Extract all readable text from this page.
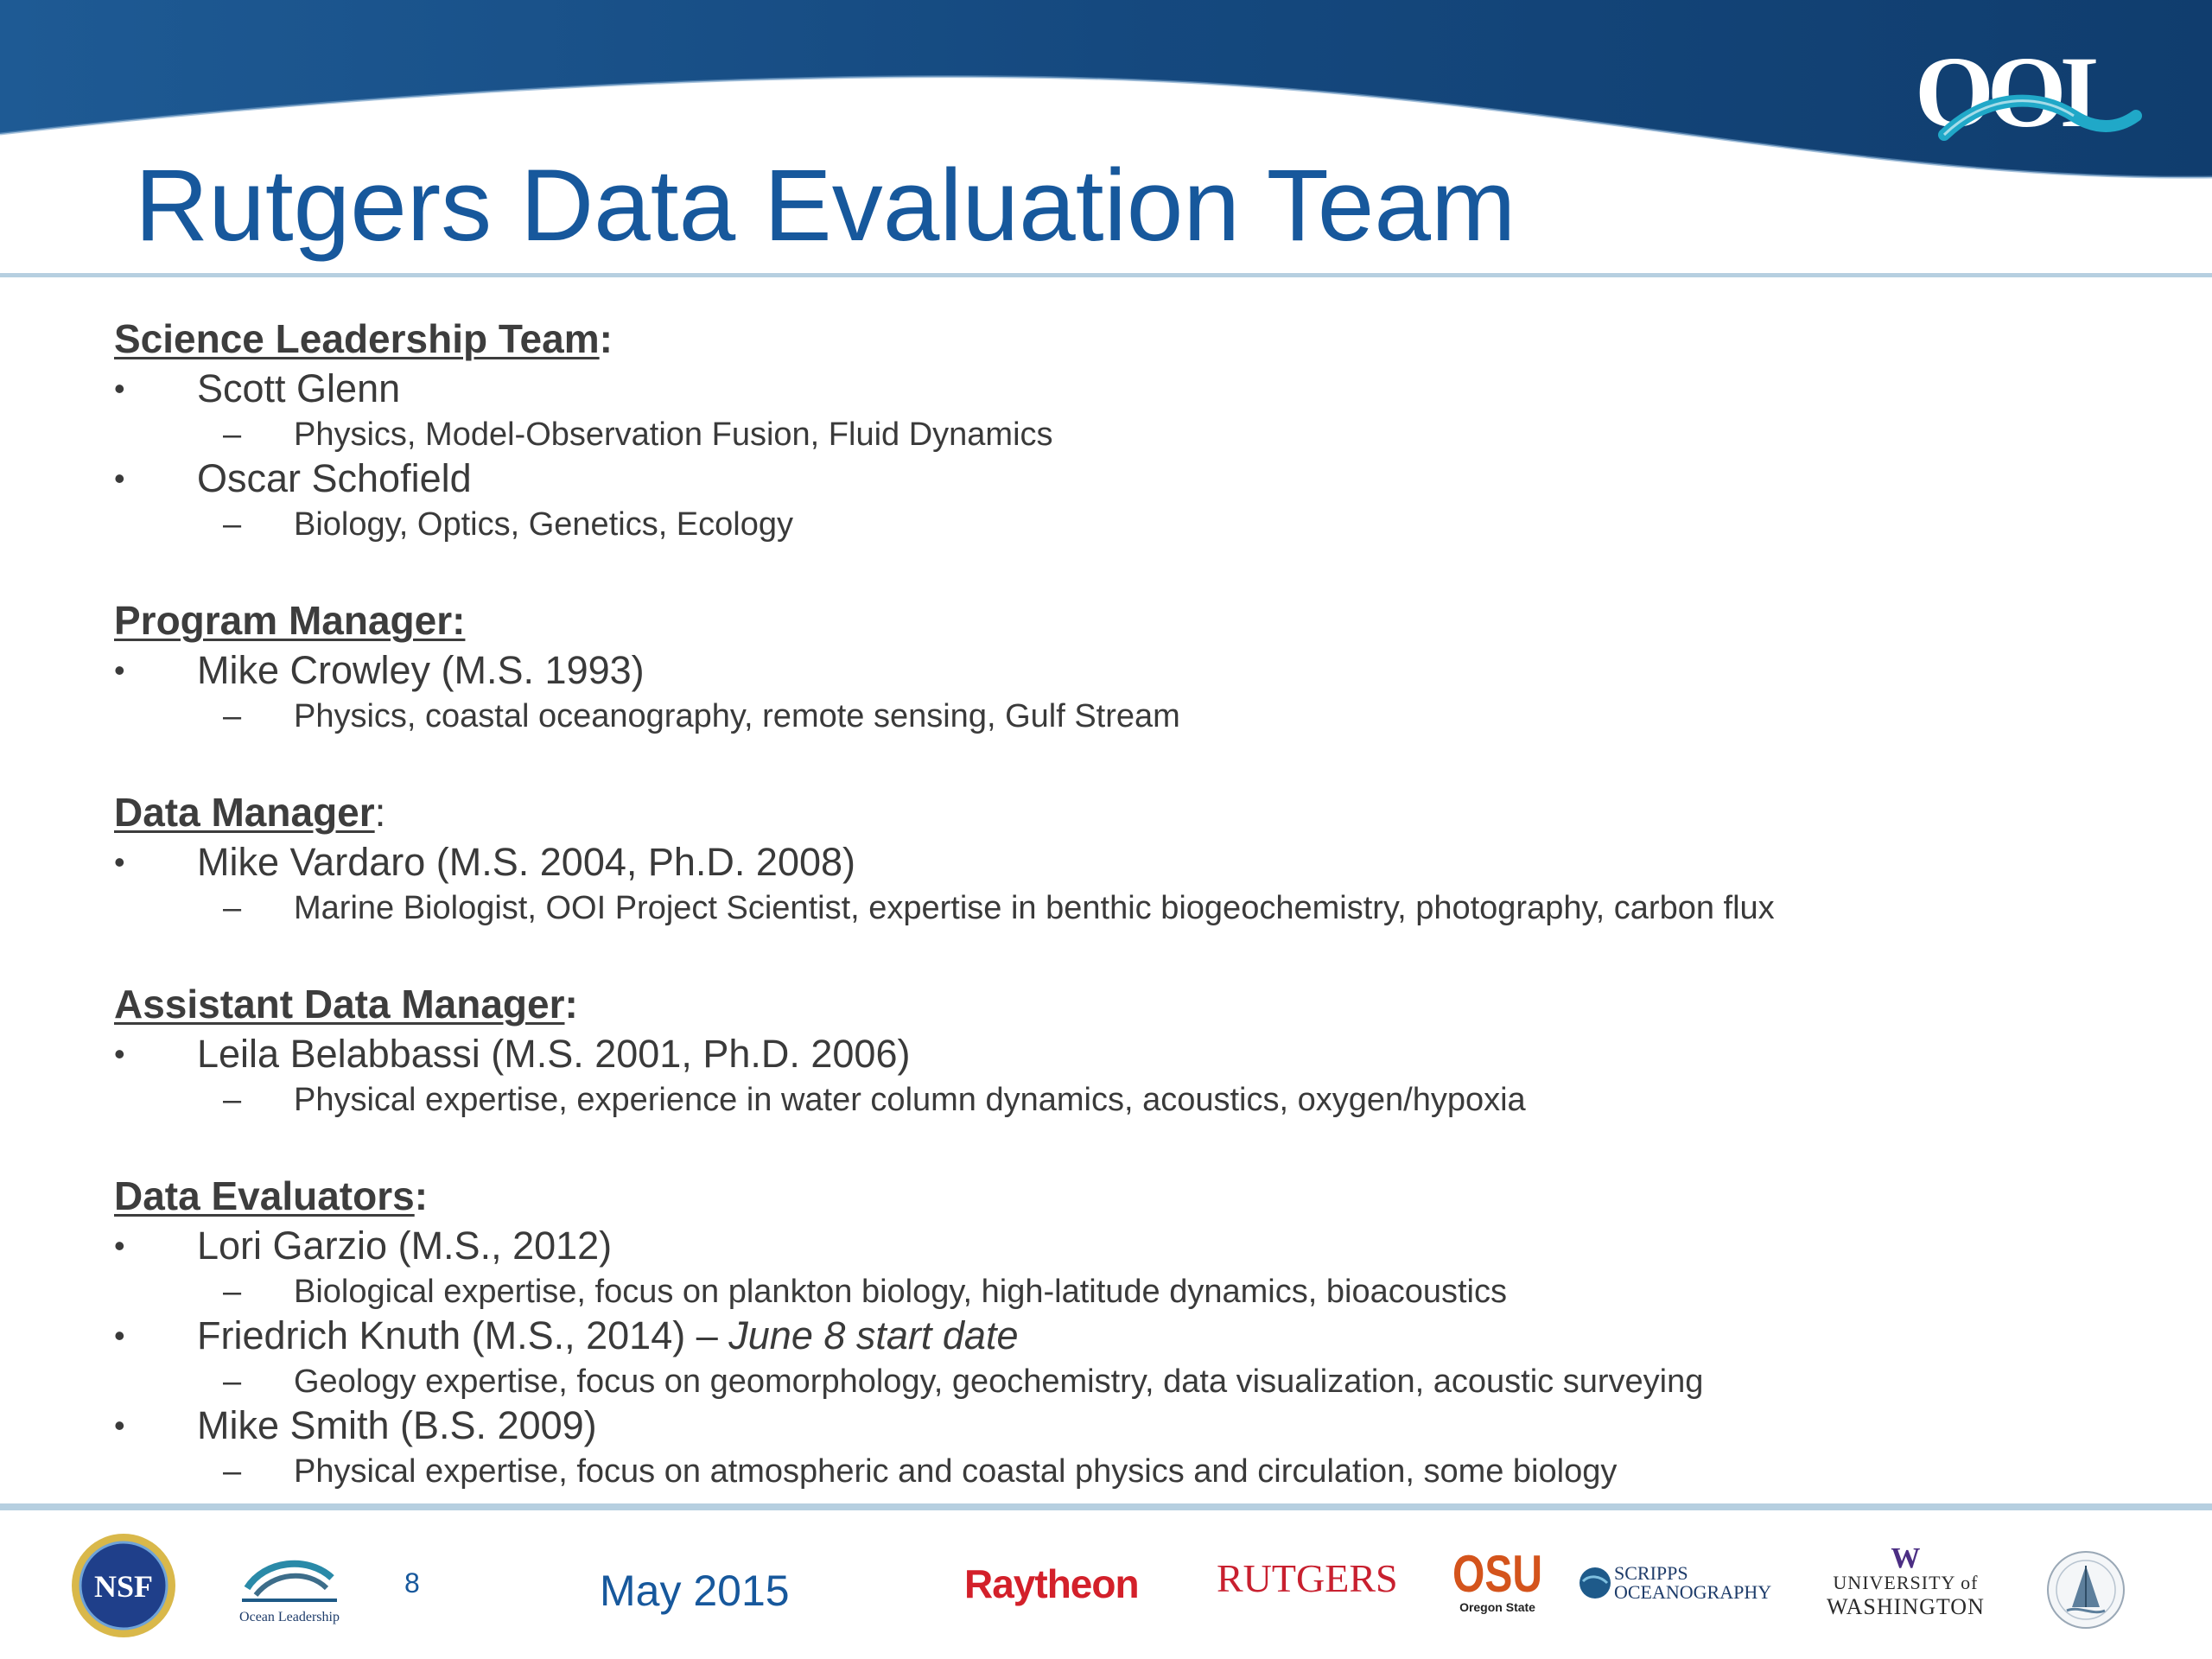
OOI
Rutgers Data Evaluation Team
Science Leadership Team:
• Scott Glenn
– Physics, Model-Observation Fusion, Fluid Dynamics
• Oscar Schofield
– Biology, Optics, Genetics, Ecology
Program Manager:
• Mike Crowley (M.S. 1993)
– Physics, coastal oceanography, remote sensing, Gulf Stream
Data Manager:
• Mike Vardaro (M.S. 2004, Ph.D. 2008)
– Marine Biologist, OOI Project Scientist, expertise in benthic biogeochemistry, photography, carbon flux
Assistant Data Manager:
• Leila Belabbassi (M.S. 2001, Ph.D. 2006)
– Physical expertise, experience in water column dynamics, acoustics, oxygen/hypoxia
Data Evaluators:
• Lori Garzio (M.S., 2012)
– Biological expertise, focus on plankton biology, high-latitude dynamics, bioacoustics
• Friedrich Knuth (M.S., 2014) – June 8 start date
– Geology expertise, focus on geomorphology, geochemistry, data visualization, acoustic surveying
• Mike Smith (B.S. 2009)
– Physical expertise, focus on atmospheric and coastal physics and circulation, some biology
NSF
Ocean Leadership
8	May 2015	Raytheon RUTGERS OSU
Oregon State
SCRIPPS
OCEANOGRAPHY
W
UNIVERSITY of
WASHINGTON
